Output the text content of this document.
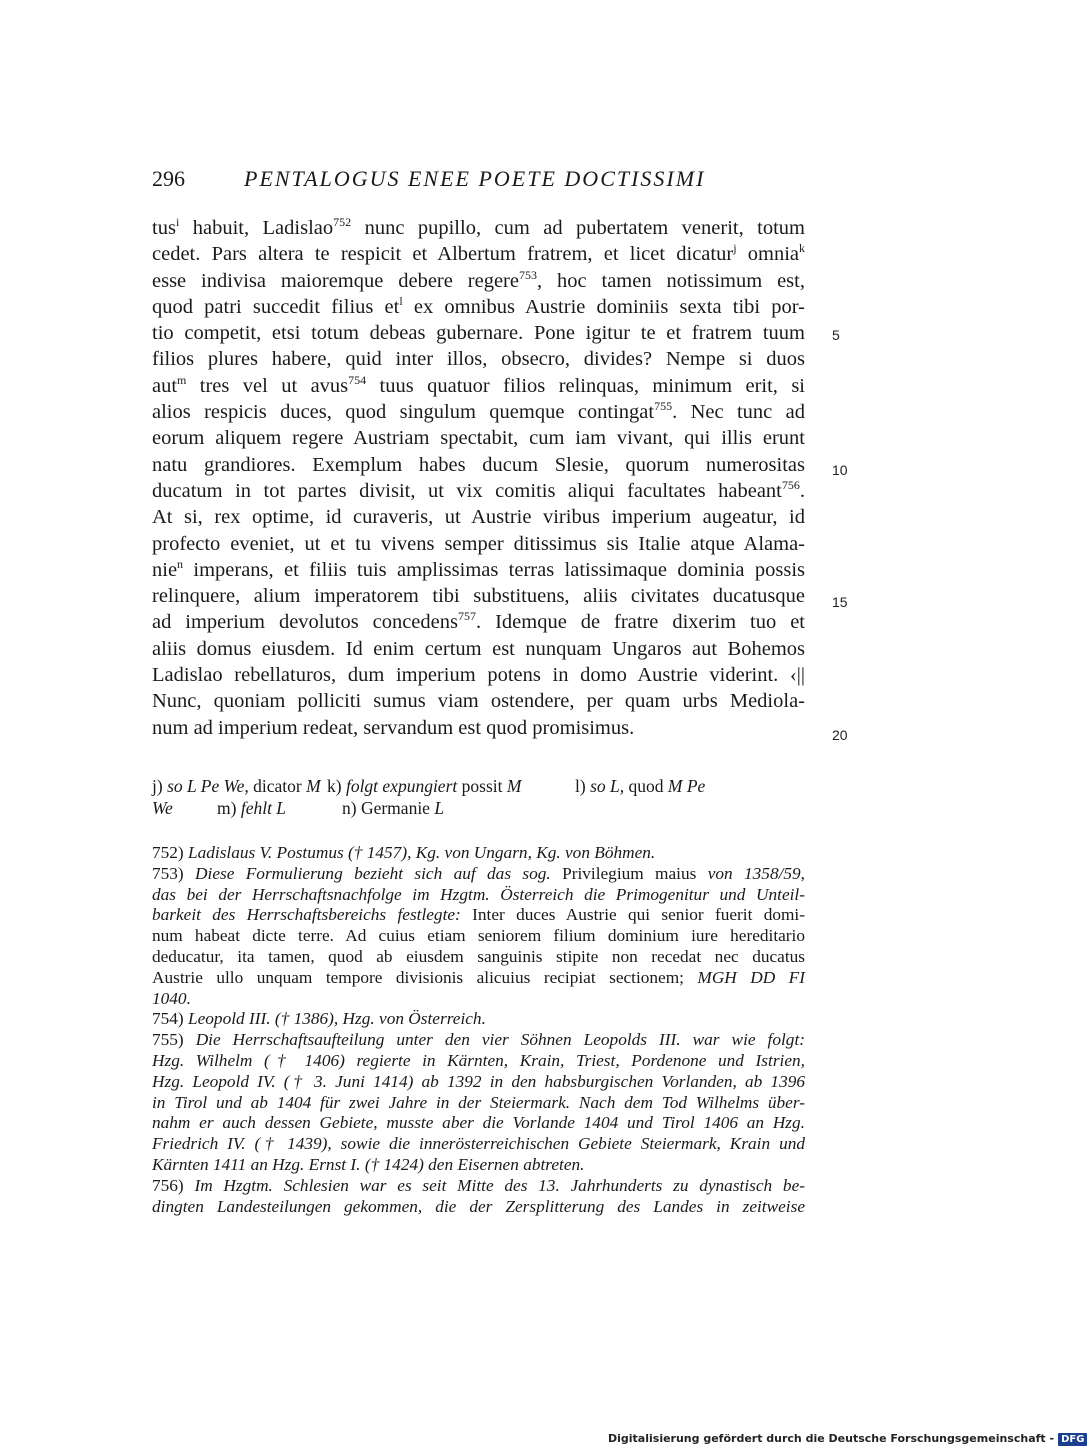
296	PENTALOGUS ENEE POETE DOCTISSIMI
tus$^i$ habuit, Ladislao$^{752}$ nunc pupillo, cum ad pubertatem venerit, totum
cedet. Pars altera te respicit et Albertum fratrem, et licet dicatur$^j$ omnia$^k$
esse indivisa maioremque debere regere$^{753}$, hoc tamen notissimum est,
quod patri succedit filius $et^l$ ex omnibus Austrie dominiis sexta tibi por-
tio competit, etsi totum debeas gubernare. Pone igitur te et fratrem tuum
filios plures habere, quid inter illos, obsecro, divides? Nempe si duos
aut$^m$ tres vel ut avus$^{754}$ tuus quatuor filios relinquas, minimum erit, si
alios respicis duces, quod singulum quemque contingat$^{755}$. Nec tunc ad
eorum aliquem regere Austriam spectabit, cum iam vivant, qui illis erunt
natu grandiores. Exemplum habes ducum Slesie, quorum numerositas
ducatum in tot partes divisit, ut vix comitis aliqui facultates habeant$^{756}$.
At si, rex optime, id curaveris, ut Austrie viribus imperium augeatur, id
profecto eveniet, ut et tu vivens semper ditissimus sis Italie atque Alama-
nie$^n$ imperans, et filiis tuis amplissimas terras latissimaque dominia possis
relinquere, alium imperatorem tibi substituens, aliis civitates ducatusque
ad imperium devolutos concedens$^{757}$. Idemque de fratre dixerim tuo et
aliis domus eiusdem. Id enim certum est nunquam Ungaros aut Bohemos
Ladislao rebellaturos, dum imperium potens in domo Austrie viderint. ‹||
Nunc, quoniam polliciti sumus viam ostendere, per quam urbs Mediola-
num ad imperium redeat, servandum est quod promisimus.
5
10
15
20
j) so L Pe We, dicator M k) folgt expungiert possit M	l) so L, quod M Pe
We	m) fehlt L	n) Germanie L
752) Ladislaus V. Postumus († 1457), Kg. von Ungarn, Kg. von Böhmen.
753) Diese Formulierung bezieht sich auf das sog. Privilegium maius von 1358/59,
das bei der Herrschaftsnachfolge im Hzgtm. Österreich die Primogenitur und Unteil-
barkeit des Herrschaftsbereichs festlegte: Inter duces Austrie qui senior fuerit domi-
num habeat dicte terre. Ad cuius etiam seniorem filium dominium iure hereditario
deducatur, ita tamen, quod ab eiusdem sanguinis stipite non recedat nec ducatus
Austrie ullo unquam tempore divisionis alicuius recipiat sectionem; MGH DD FI
1040.
754) Leopold III. († 1386), Hzg. von Österreich.
755) Die Herrschaftsaufteilung unter den vier Söhnen Leopolds III. war wie folgt:
Hzg. Wilhelm († 1406) regierte in Kärnten, Krain, Triest, Pordenone und Istrien,
Hzg. Leopold IV. († 3. Juni 1414) ab 1392 in den habsburgischen Vorlanden, ab 1396
in Tirol und ab 1404 für zwei Jahre in der Steiermark. Nach dem Tod Wilhelms über-
nahm er auch dessen Gebiete, musste aber die Vorlande 1404 und Tirol 1406 an Hzg.
Friedrich IV. († 1439), sowie die innerösterreichischen Gebiete Steiermark, Krain und
Kärnten 1411 an Hzg. Ernst I. († 1424) den Eisernen abtreten.
756) Im Hzgtm. Schlesien war es seit Mitte des 13. Jahrhunderts zu dynastisch be-
dingten Landesteilungen gekommen, die der Zersplitterung des Landes in zeitweise
Digitalisierung gefördert durch die Deutsche Forschungsgemeinschaft - DFG
